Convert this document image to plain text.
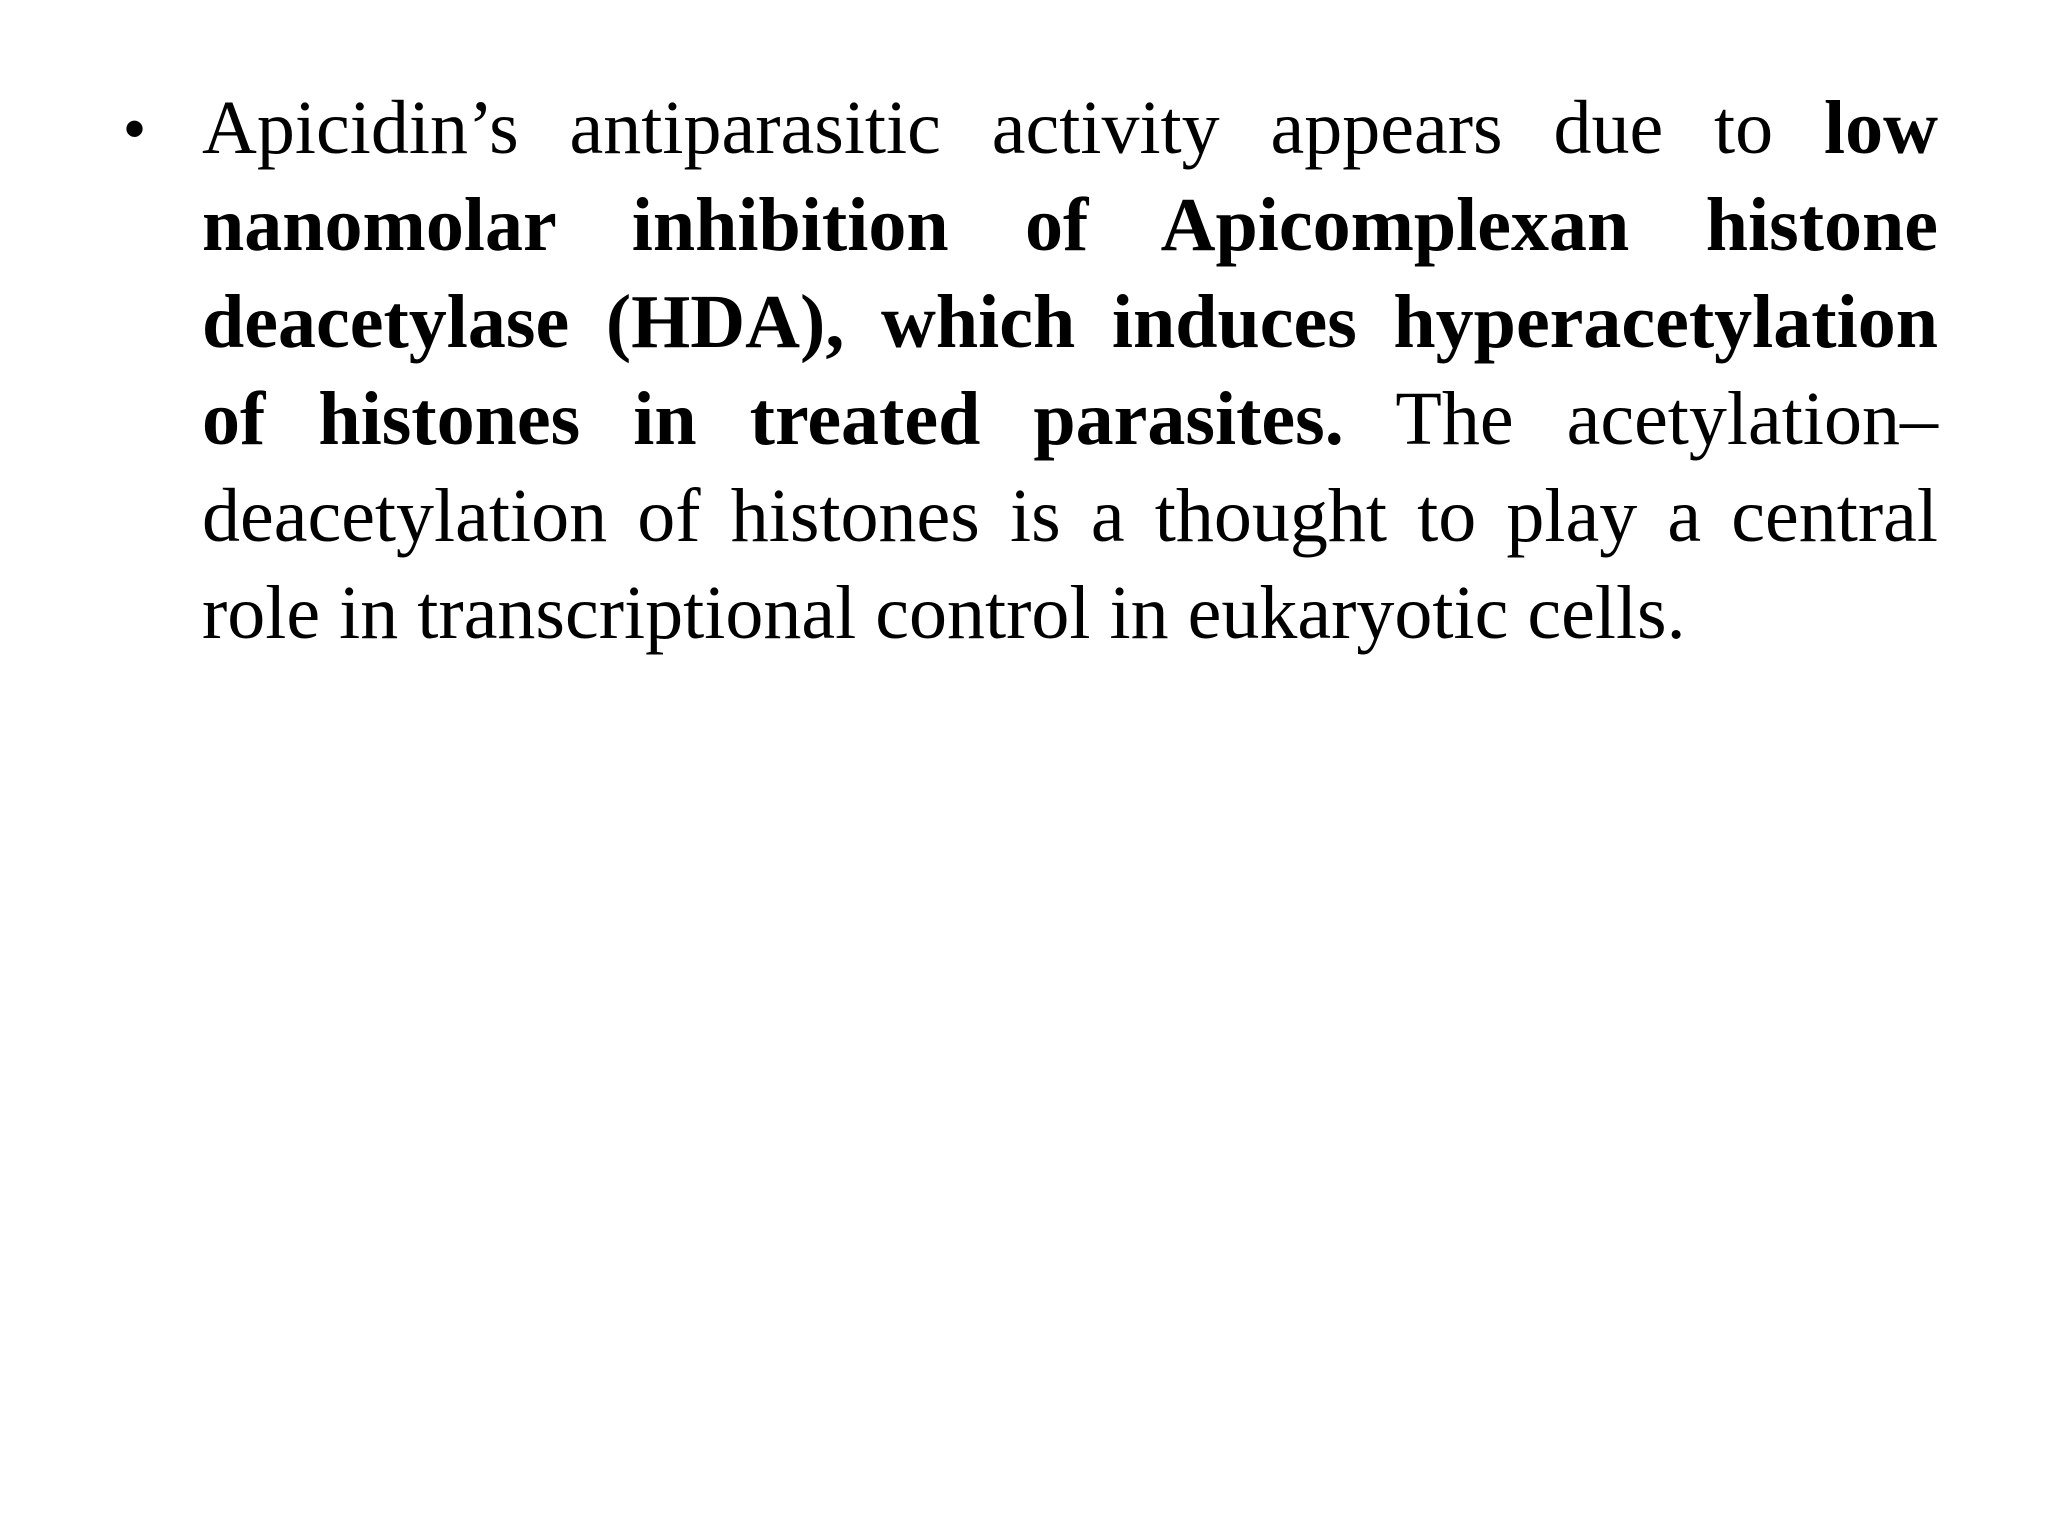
• Apicidin’s antiparasitic activity appears due to low nanomolar inhibition of Apicomplexan histone deacetylase (HDA), which induces hyperacetylation of histones in treated parasites. The acetylation–deacetylation of histones is a thought to play a central role in transcriptional control in eukaryotic cells.
